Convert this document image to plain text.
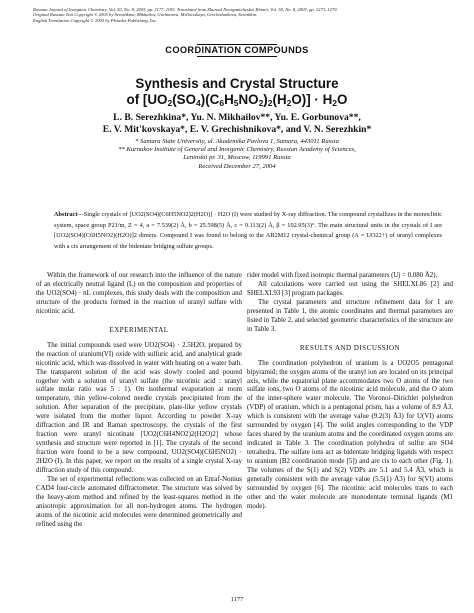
Russian Journal of Inorganic Chemistry, Vol. 50, No. 8, 2005, pp. 1177–1183. Translated from Zhurnal Neorganicheskoi Khimii, Vol. 50, No. 8, 2005, pp. 1273–1279.
Original Russian Text Copyright © 2005 by Serezhkina, Mikhailov, Gorbunova, Mit'kovskaya, Grechishnikova, Serezhkin.
English Translation Copyright © 2005 by Pleiades Publishing, Inc.
COORDINATION COMPOUNDS
Synthesis and Crystal Structure
of $[UO_2(SO_4)(C_6H_5NO_2)_2(H_2O)] \cdot H_2O$
L. B. Serezhkina*, Yu. N. Mikhailov**, Yu. E. Gorbunova**,
E. V. Mit'kovskaya*, E. V. Grechishnikova*, and V. N. Serezhkin*
* Samara State University, ul. Akademika Pavlova 1, Samara, 443011 Russia
** Kurnakov Institute of General and Inorganic Chemistry, Russian Academy of Sciences,
Leninskii pr. 31, Moscow, 119991 Russia
Received December 27, 2004
Abstract—Single crystals of [UO2(SO4)(C6H5NO2)2(H2O)] · H2O (I) were studied by X-ray diffraction. The compound crystallizes in the monoclinic system, space group P21/m, Z = 4, a = 7.539(2) Å, b = 25.598(5) Å, c = 9.113(2) Å, β = 102.95(3)°. The main structural units in the crystals of I are [UO2(SO4)(C6H5NO2)(H2O)]2 dimers. Compound I was found to belong to the AB2M12 crystal-chemical group (A = UO22+) of uranyl complexes with a cis arrangement of the bidentate bridging sulfate groups.

Within the framework of our research into the influence of the nature of an electrically neutral ligand (L) on the composition and properties of the UO2(SO4) · nL complexes, this study deals with the composition and structure of the products formed in the reaction of uranyl sulfate with nicotinic acid.

EXPERIMENTAL

The initial compounds used were UO2(SO4) · 2.5H2O, prepared by the reaction of uranium(VI) oxide with sulfuric acid, and analytical grade nicotinic acid, which was dissolved in water with heating on a water bath. The transparent solution of the acid was slowly cooled and poured together with a solution of uranyl sulfate (the nicotinic acid : uranyl sulfate molar ratio was 5 : 1). On isothermal evaporation at room temperature, thin yellow-colored needle crystals precipitated from the solution. After separation of the precipitate, plate-like yellow crystals were isolated from the mother liquor. According to powder X-ray diffraction and IR and Raman spectroscopy, the crystals of the first fraction were uranyl nicotinate [UO2(C6H4NO2)2(H2O)2] whose synthesis and structure were reported in [1]. The crystals of the second fraction were found to be a new compound, UO2(SO4)(C6H5NO2) · 2H2O (I). In this paper, we report on the results of a single crystal X-ray diffraction study of this compound.

The set of experimental reflections was collected on an Enraf-Nonius CAD4 four-circle automated diffractometer. The structure was solved by the heavy-atom method and refined by the least-squares method in the anisotropic approximation for all non-hydrogen atoms. The hydrogen atoms of the nicotinic acid molecules were determined geometrically and refined using the

rider model with fixed isotropic thermal parameters (Uj = 0.080 Å2).

All calculations were carried out using the SHELXL86 [2] and SHELXL93 [3] program packages.

The crystal parameters and structure refinement data for I are presented in Table 1, the atomic coordinates and thermal parameters are listed in Table 2, and selected geometric characteristics of the structure are in Table 3.

RESULTS AND DISCUSSION

The coordination polyhedron of uranium is a UO2O5 pentagonal bipyramid; the oxygen atoms of the uranyl ion are located on its principal axis, while the equatorial plane accommodates two O atoms of the two sulfate ions, two O atoms of the nicotinic acid molecule, and the O atom of the inner-sphere water molecule. The Voronoi–Dirichlet polyhedron (VDP) of uranium, which is a pentagonal prism, has a volume of 8.9 Å3, which is consistent with the average value (9.2(3) Å3) for U(VI) atoms surrounded by oxygen [4]. The solid angles corresponding to the VDP faces shared by the uranium atoms and the coordinated oxygen atoms are indicated in Table 3. The coordination polyhedra of sulfur are SO4 tetrahedra. The sulfate ions act as bidentate bridging ligands with respect to uranium (B2 coordination mode [5]) and are cis to each other (Fig. 1). The volumes of the S(1) and S(2) VDPs are 5.1 and 5.4 Å3, which is generally consistent with the average value (5.5(1) Å3) for S(VI) atoms surrounded by oxygen [6]. The nicotinic acid molecules trans to each other and the water molecule are monodentate terminal ligands (M1 mode).

1177
